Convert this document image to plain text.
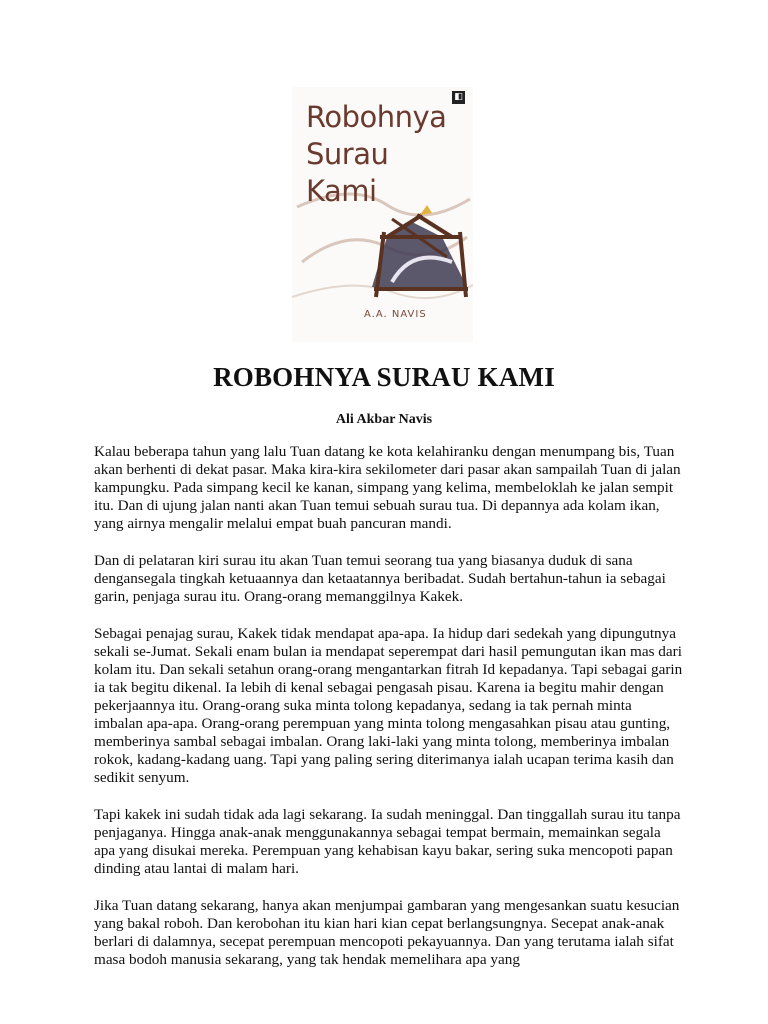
◧
Robohnya
Surau
Kami
A.A. NAVIS
ROBOHNYA SURAU KAMI
Ali Akbar Navis

Kalau beberapa tahun yang lalu Tuan datang ke kota kelahiranku dengan menumpang bis, Tuan akan berhenti di dekat pasar. Maka kira-kira sekilometer dari pasar akan sampailah Tuan di jalan kampungku. Pada simpang kecil ke kanan, simpang yang kelima, membeloklah ke jalan sempit itu. Dan di ujung jalan nanti akan Tuan temui sebuah surau tua. Di depannya ada kolam ikan, yang airnya mengalir melalui empat buah pancuran mandi.

Dan di pelataran kiri surau itu akan Tuan temui seorang tua yang biasanya duduk di sana dengansegala tingkah ketuaannya dan ketaatannya beribadat. Sudah bertahun-tahun ia sebagai garin, penjaga surau itu. Orang-orang memanggilnya Kakek.

Sebagai penajag surau, Kakek tidak mendapat apa-apa. Ia hidup dari sedekah yang dipungutnya sekali se-Jumat. Sekali enam bulan ia mendapat seperempat dari hasil pemungutan ikan mas dari kolam itu. Dan sekali setahun orang-orang mengantarkan fitrah Id kepadanya. Tapi sebagai garin ia tak begitu dikenal. Ia lebih di kenal sebagai pengasah pisau. Karena ia begitu mahir dengan pekerjaannya itu. Orang-orang suka minta tolong kepadanya, sedang ia tak pernah minta imbalan apa-apa. Orang-orang perempuan yang minta tolong mengasahkan pisau atau gunting, memberinya sambal sebagai imbalan. Orang laki-laki yang minta tolong, memberinya imbalan rokok, kadang-kadang uang. Tapi yang paling sering diterimanya ialah ucapan terima kasih dan sedikit senyum.

Tapi kakek ini sudah tidak ada lagi sekarang. Ia sudah meninggal. Dan tinggallah surau itu tanpa penjaganya. Hingga anak-anak menggunakannya sebagai tempat bermain, memainkan segala apa yang disukai mereka. Perempuan yang kehabisan kayu bakar, sering suka mencopoti papan dinding atau lantai di malam hari.

Jika Tuan datang sekarang, hanya akan menjumpai gambaran yang mengesankan suatu kesucian yang bakal roboh. Dan kerobohan itu kian hari kian cepat berlangsungnya. Secepat anak-anak berlari di dalamnya, secepat perempuan mencopoti pekayuannya. Dan yang terutama ialah sifat masa bodoh manusia sekarang, yang tak hendak memelihara apa yang
